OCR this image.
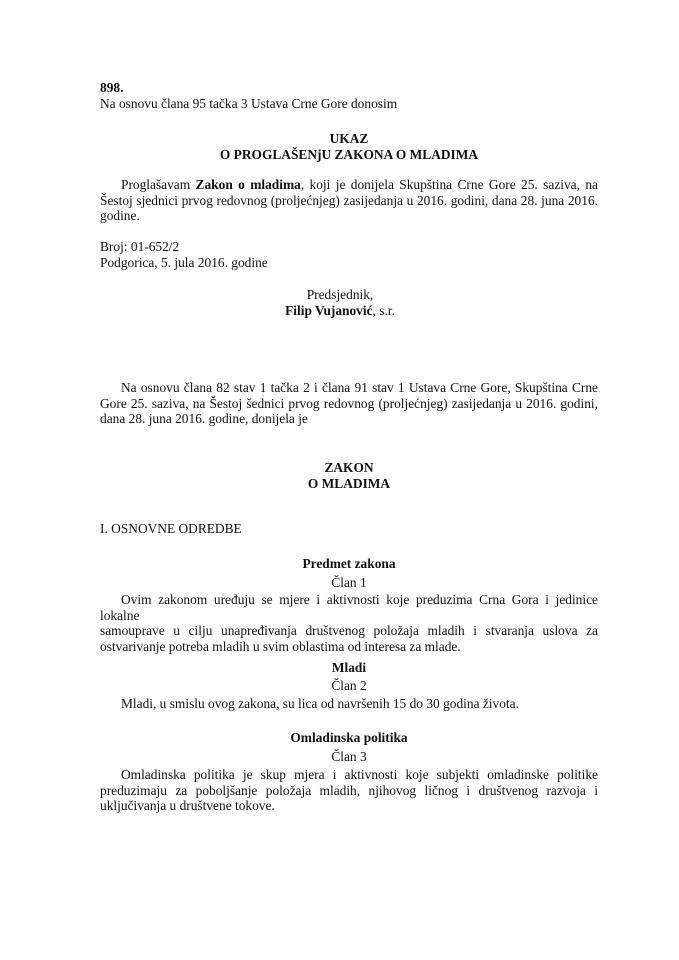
898.
Na osnovu člana 95 tačka 3 Ustava Crne Gore donosim
UKAZ
O PROGLAŠENjU ZAKONA O MLADIMA
Proglašavam Zakon o mladima, koji je donijela Skupština Crne Gore 25. saziva, na
Šestoj sjednici prvog redovnog (proljećnjeg) zasijedanja u 2016. godini, dana 28. juna 2016.
godine.
Broj: 01-652/2
Podgorica, 5. jula 2016. godine
Predsjednik,
Filip Vujanović, s.r.
Na osnovu člana 82 stav 1 tačka 2 i člana 91 stav 1 Ustava Crne Gore, Skupština Crne
Gore 25. saziva, na Šestoj šednici prvog redovnog (proljećnjeg) zasijedanja u 2016. godini,
dana 28. juna 2016. godine, donijela je
ZAKON
O MLADIMA
I. OSNOVNE ODREDBE
Predmet zakona
Član 1
Ovim zakonom uređuju se mjere i aktivnosti koje preduzima Crna Gora i jedinice lokalne
samouprave u cilju unapređivanja društvenog položaja mladih i stvaranja uslova za
ostvarivanje potreba mladih u svim oblastima od interesa za mlade.
Mladi
Član 2
Mladi, u smislu ovog zakona, su lica od navršenih 15 do 30 godina života.
Omladinska politika
Član 3
Omladinska politika je skup mjera i aktivnosti koje subjekti omladinske politike
preduzimaju za poboljšanje položaja mladih, njihovog ličnog i društvenog razvoja i
uključivanja u društvene tokove.
